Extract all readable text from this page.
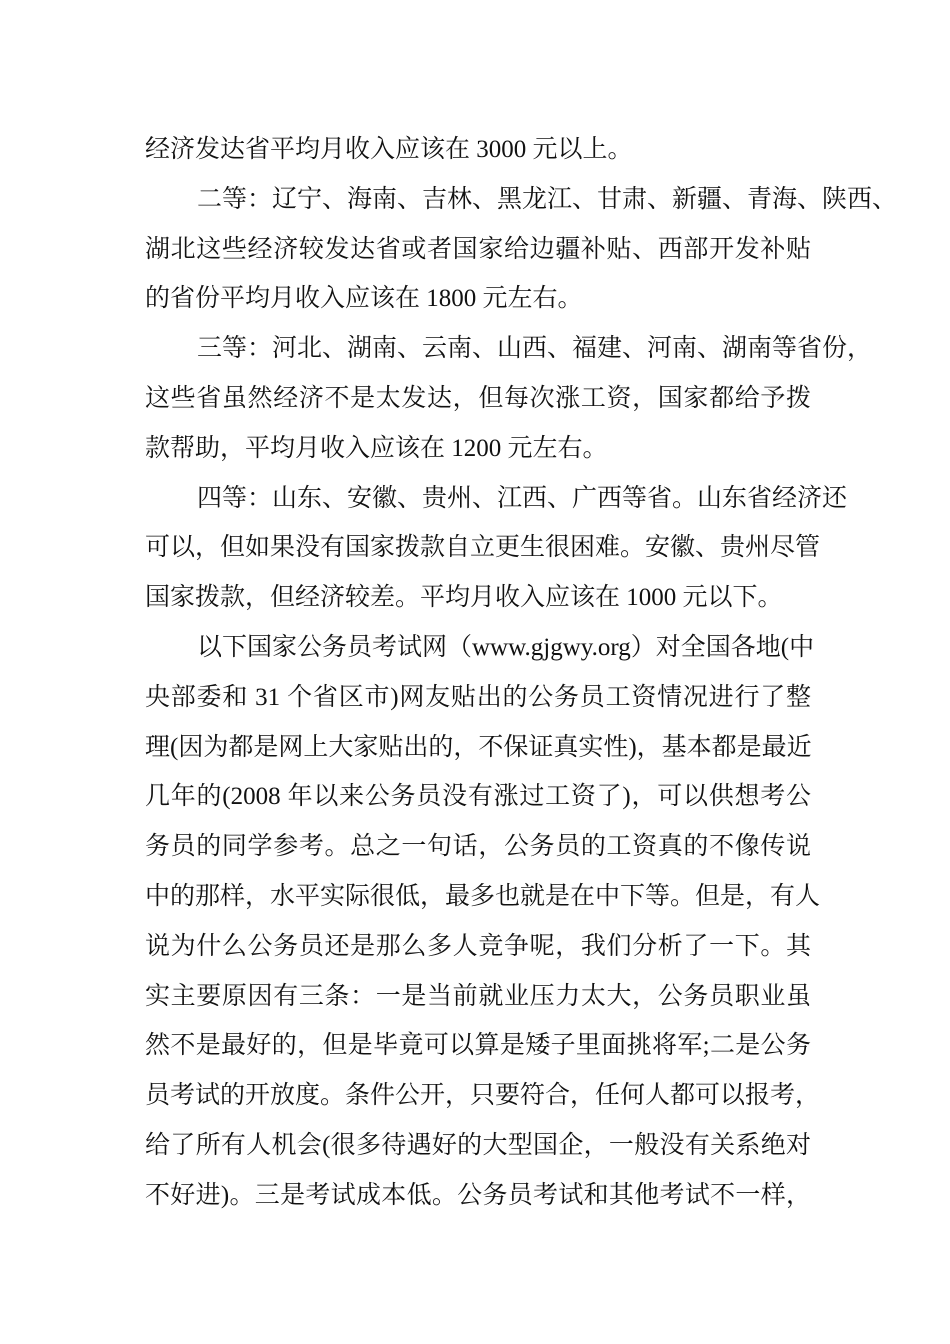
经济发达省平均月收入应该在 3000 元以上。
二等：辽宁、海南、吉林、黑龙江、甘肃、新疆、青海、陕西、
湖北这些经济较发达省或者国家给边疆补贴、西部开发补贴
的省份平均月收入应该在 1800 元左右。
三等：河北、湖南、云南、山西、福建、河南、湖南等省份，
这些省虽然经济不是太发达，但每次涨工资，国家都给予拨
款帮助，平均月收入应该在 1200 元左右。
四等：山东、安徽、贵州、江西、广西等省。山东省经济还
可以，但如果没有国家拨款自立更生很困难。安徽、贵州尽管
国家拨款，但经济较差。平均月收入应该在 1000 元以下。
以下国家公务员考试网（www.gjgwy.org）对全国各地(中
央部委和 31 个省区市)网友贴出的公务员工资情况进行了整
理(因为都是网上大家贴出的，不保证真实性)，基本都是最近
几年的(2008 年以来公务员没有涨过工资了)，可以供想考公
务员的同学参考。总之一句话，公务员的工资真的不像传说
中的那样，水平实际很低，最多也就是在中下等。但是，有人
说为什么公务员还是那么多人竞争呢，我们分析了一下。其
实主要原因有三条：一是当前就业压力太大，公务员职业虽
然不是最好的，但是毕竟可以算是矮子里面挑将军;二是公务
员考试的开放度。条件公开，只要符合，任何人都可以报考，
给了所有人机会(很多待遇好的大型国企，一般没有关系绝对
不好进)。三是考试成本低。公务员考试和其他考试不一样，
